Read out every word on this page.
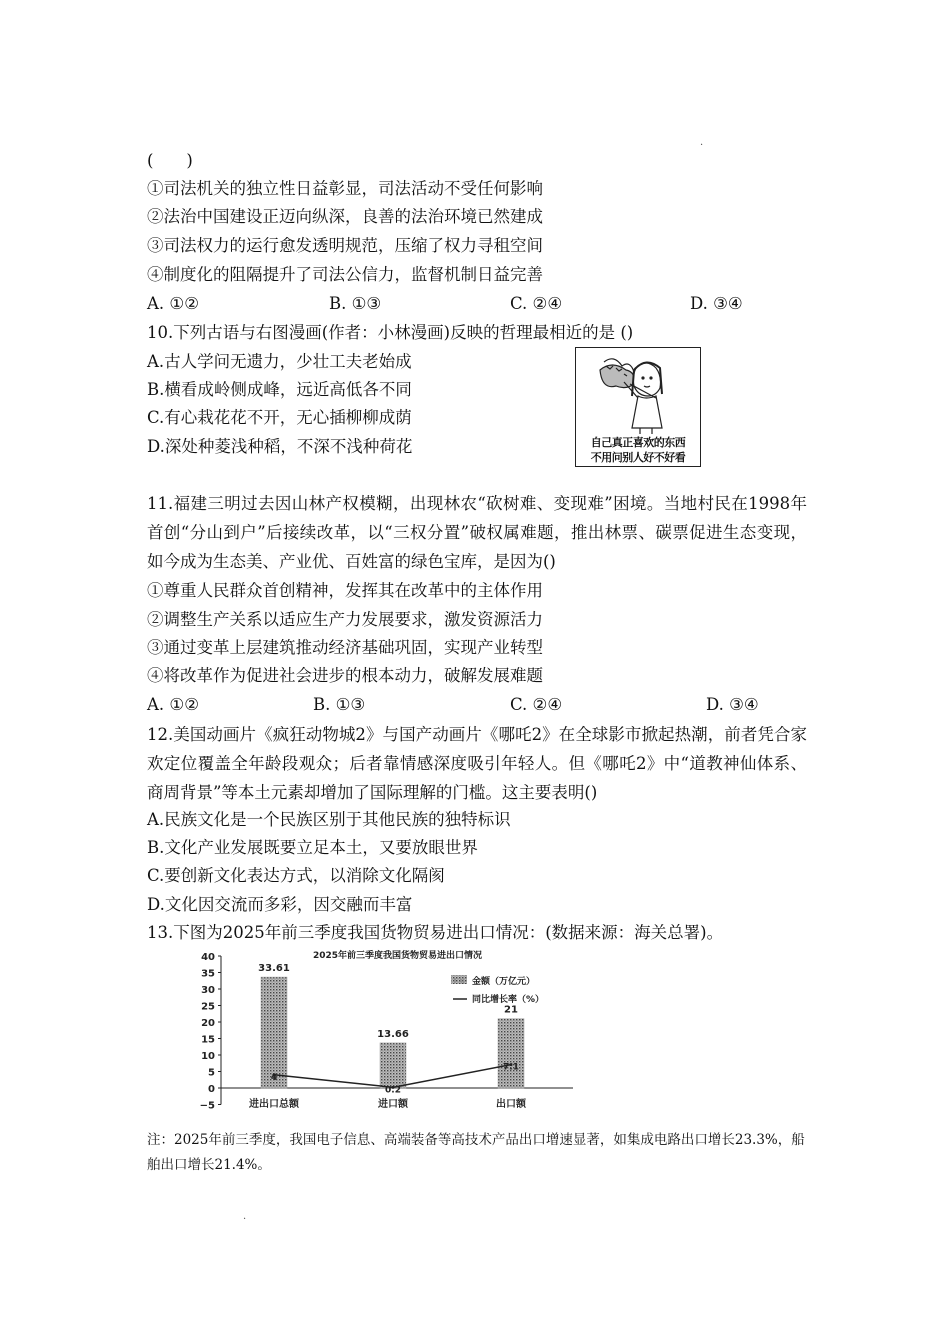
(　　)
·
①司法机关的独立性日益彰显，司法活动不受任何影响
②法治中国建设正迈向纵深，良善的法治环境已然建成
③司法权力的运行愈发透明规范，压缩了权力寻租空间
④制度化的阻隔提升了司法公信力，监督机制日益完善
A. ①②	B. ①③	C. ②④	D. ③④
10.下列古语与右图漫画(作者：小林漫画)反映的哲理最相近的是 ()
A.古人学问无遗力，少壮工夫老始成
B.横看成岭侧成峰，远近高低各不同
C.有心栽花花不开，无心插柳柳成荫
D.深处种菱浅种稻，不深不浅种荷花	自己真正喜欢的东西
不用问别人好不好看
11.福建三明过去因山林产权模糊，出现林农“砍树难、变现难”困境。当地村民在1998年首创“分山到户”后接续改革，以“三权分置”破权属难题，推出林票、碳票促进生态变现，如今成为生态美、产业优、百姓富的绿色宝库，是因为()
①尊重人民群众首创精神，发挥其在改革中的主体作用
②调整生产关系以适应生产力发展要求，激发资源活力
③通过变革上层建筑推动经济基础巩固，实现产业转型
④将改革作为促进社会进步的根本动力，破解发展难题
A. ①②	B. ①③	C. ②④	D. ③④
12.美国动画片《疯狂动物城2》与国产动画片《哪吒2》在全球影市掀起热潮，前者凭合家欢定位覆盖全年龄段观众；后者靠情感深度吸引年轻人。但《哪吒2》中“道教神仙体系、商周背景”等本土元素却增加了国际理解的门槛。这主要表明()
A.民族文化是一个民族区别于其他民族的独特标识
B.文化产业发展既要立足本土，又要放眼世界
C.要创新文化表达方式，以消除文化隔阂
D.文化因交流而多彩，因交融而丰富
13.下图为2025年前三季度我国货物贸易进出口情况：(数据来源：海关总署)。
2025年前三季度我国货物贸易进出口情况
40
35
30
25
20
15
10
5
0
−5
33.61
13.66
21
4
0.2
7.1
进出口总额	进口额	出口额
扩展 金额（万亿元）
同比增长率（%）
注：2025年前三季度，我国电子信息、高端装备等高技术产品出口增速显著，如集成电路出口增长23.3%，船舶出口增长21.4%。
·
